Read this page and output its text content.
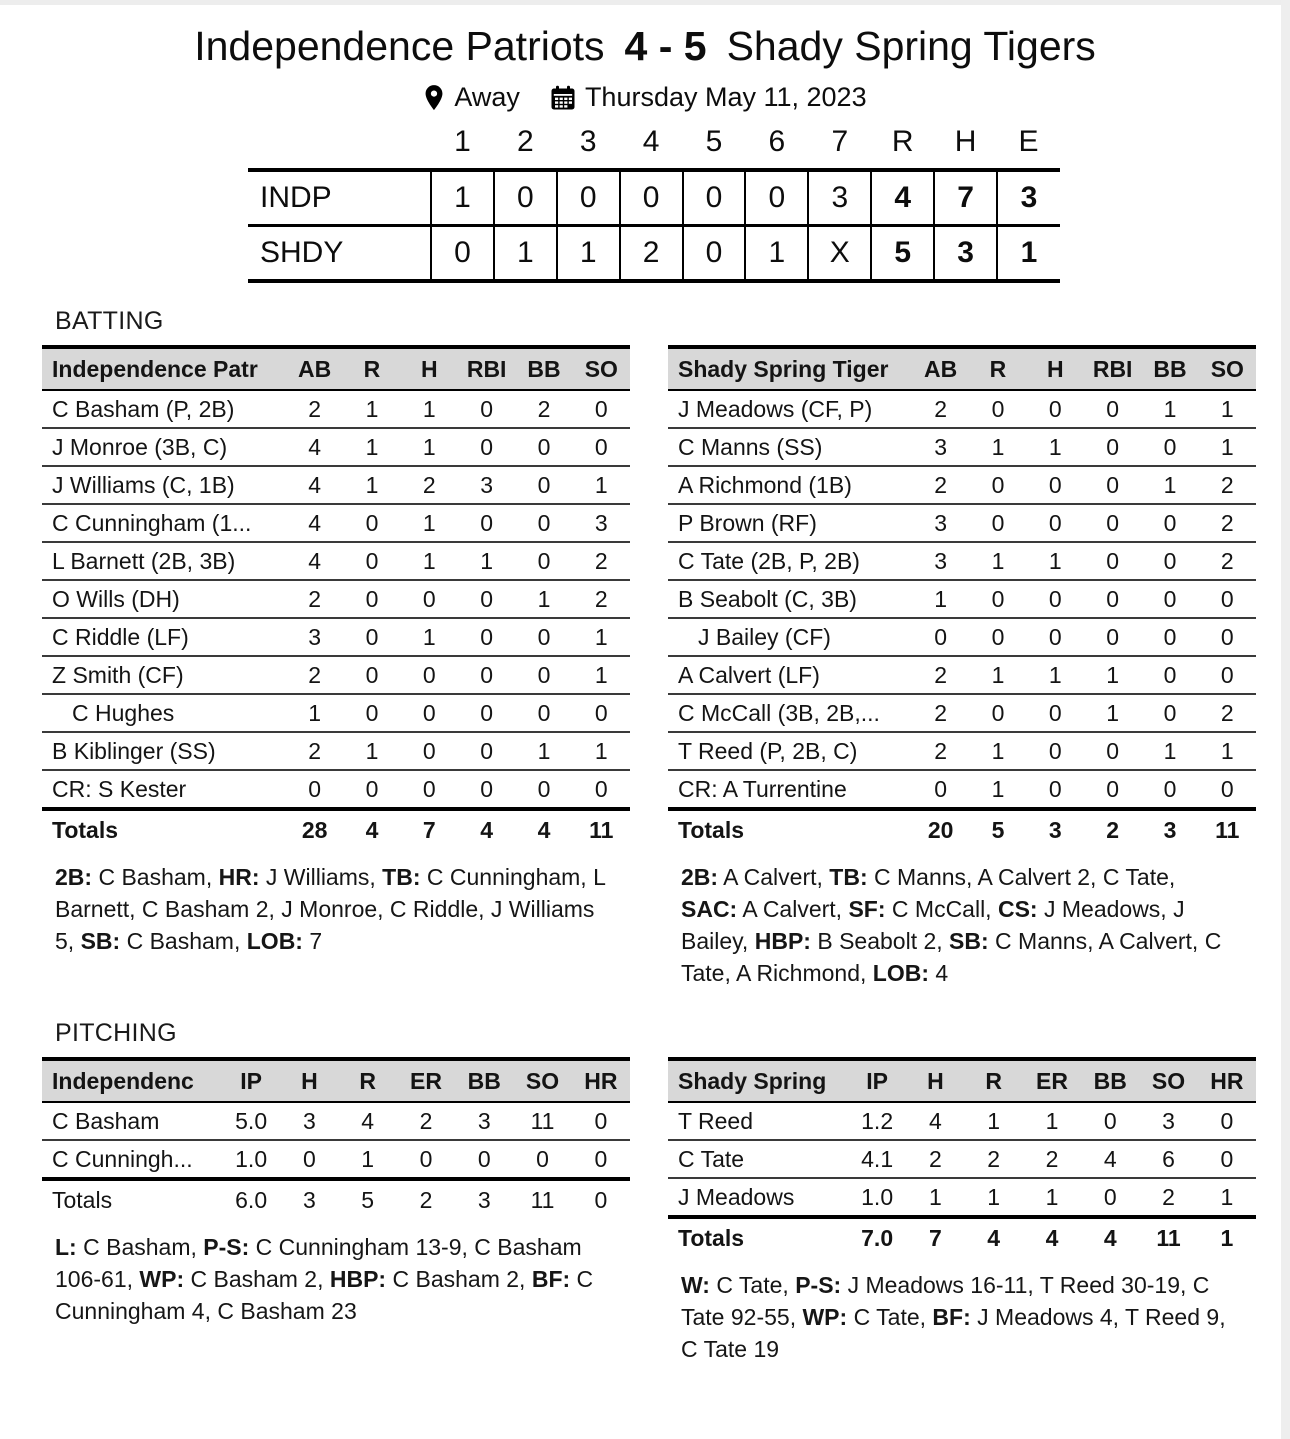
Independence Patriots 4 - 5 Shady Spring Tigers
Away Thursday May 11, 2023
	1	2	3	4	5	6	7	R	H	E
INDP	1	0	0	0	0	0	3	4	7	3
SHDY	0	1	1	2	0	1	X	5	3	1
BATTING
Independence Patr	AB	R	H	RBI	BB	SO
C Basham (P, 2B)	2	1	1	0	2	0
J Monroe (3B, C)	4	1	1	0	0	0
J Williams (C, 1B)	4	1	2	3	0	1
C Cunningham (1...	4	0	1	0	0	3
L Barnett (2B, 3B)	4	0	1	1	0	2
O Wills (DH)	2	0	0	0	1	2
C Riddle (LF)	3	0	1	0	0	1
Z Smith (CF)	2	0	0	0	0	1
C Hughes	1	0	0	0	0	0
B Kiblinger (SS)	2	1	0	0	1	1
CR: S Kester	0	0	0	0	0	0
Totals	28	4	7	4	4	11
2B: C Basham, HR: J Williams, TB: C Cunningham, L Barnett, C Basham 2, J Monroe, C Riddle, J Williams 5, SB: C Basham, LOB: 7
Shady Spring Tiger	AB	R	H	RBI	BB	SO
J Meadows (CF, P)	2	0	0	0	1	1
C Manns (SS)	3	1	1	0	0	1
A Richmond (1B)	2	0	0	0	1	2
P Brown (RF)	3	0	0	0	0	2
C Tate (2B, P, 2B)	3	1	1	0	0	2
B Seabolt (C, 3B)	1	0	0	0	0	0
J Bailey (CF)	0	0	0	0	0	0
A Calvert (LF)	2	1	1	1	0	0
C McCall (3B, 2B,...	2	0	0	1	0	2
T Reed (P, 2B, C)	2	1	0	0	1	1
CR: A Turrentine	0	1	0	0	0	0
Totals	20	5	3	2	3	11
2B: A Calvert, TB: C Manns, A Calvert 2, C Tate, SAC: A Calvert, SF: C McCall, CS: J Meadows, J Bailey, HBP: B Seabolt 2, SB: C Manns, A Calvert, C Tate, A Richmond, LOB: 4
PITCHING
Independenc	IP	H	R	ER	BB	SO	HR
C Basham	5.0	3	4	2	3	11	0
C Cunningh...	1.0	0	1	0	0	0	0
Totals	6.0	3	5	2	3	11	0
L: C Basham, P-S: C Cunningham 13-9, C Basham 106-61, WP: C Basham 2, HBP: C Basham 2, BF: C Cunningham 4, C Basham 23
Shady Spring	IP	H	R	ER	BB	SO	HR
T Reed	1.2	4	1	1	0	3	0
C Tate	4.1	2	2	2	4	6	0
J Meadows	1.0	1	1	1	0	2	1
Totals	7.0	7	4	4	4	11	1
W: C Tate, P-S: J Meadows 16-11, T Reed 30-19, C Tate 92-55, WP: C Tate, BF: J Meadows 4, T Reed 9, C Tate 19
